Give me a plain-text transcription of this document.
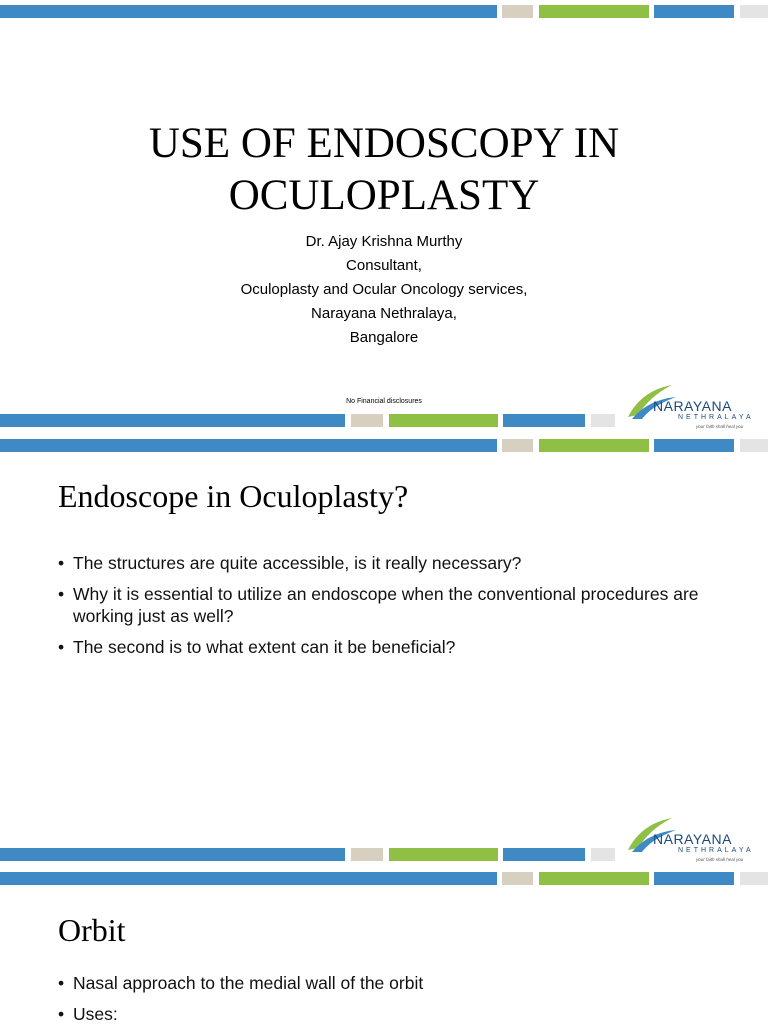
USE OF ENDOSCOPY IN
OCULOPLASTY
Dr. Ajay Krishna Murthy
Consultant,
Oculoplasty and Ocular Oncology services,
Narayana Nethralaya,
Bangalore
No Financial disclosures	NARAYANA
NETHRALAYA
your faith shall heal you
Endoscope in Oculoplasty?
• The structures are quite accessible, is it really necessary?
• Why it is essential to utilize an endoscope when the conventional procedures are working just as well?
• The second is to what extent can it be beneficial?
NARAYANA
NETHRALAYA
your faith shall heal you
Orbit
• Nasal approach to the medial wall of the orbit
• Uses:
